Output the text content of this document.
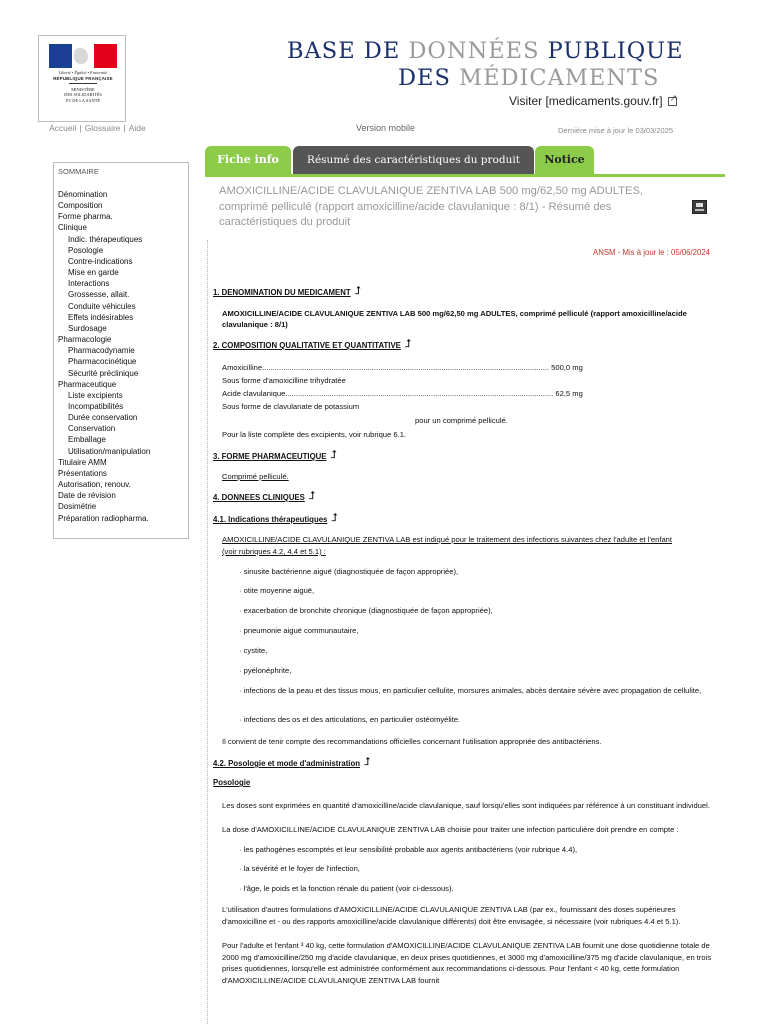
Liberté • Égalité • Fraternité
RÉPUBLIQUE FRANÇAISE
MINISTÈRE
DES SOLIDARITÉS
ET DE LA SANTÉ
BASE DE DONNÉES PUBLIQUE
DES MÉDICAMENTS
Visiter [medicaments.gouv.fr]↗
Accueil | Glossaire | Aide	Version mobile	Dernière mise à jour le 03/03/2025
Fiche info	Résumé des caractéristiques du produit	Notice
SOMMAIRE
Dénomination
Composition
Forme pharma.
Clinique
Indic. thérapeutiques
Posologie
Contre-indications
Mise en garde
Interactions
Grossesse, allait.
Conduite véhicules
Effets indésirables
Surdosage
Pharmacologie
Pharmacodynamie
Pharmacocinétique
Sécurité préclinique
Pharmaceutique
Liste excipients
Incompatibilités
Durée conservation
Conservation
Emballage
Utilisation/manipulation
Titulaire AMM
Présentations
Autorisation, renouv.
Date de révision
Dosimétrie
Préparation radiopharma.
AMOXICILLINE/ACIDE CLAVULANIQUE ZENTIVA LAB 500 mg/62,50 mg ADULTES, comprimé pelliculé (rapport amoxicilline/acide clavulanique : 8/1) - Résumé des caractéristiques du produit
ANSM - Mis à jour le : 05/06/2024
1. DENOMINATION DU MEDICAMENT ⮥
AMOXICILLINE/ACIDE CLAVULANIQUE ZENTIVA LAB 500 mg/62,50 mg ADULTES, comprimé pelliculé (rapport amoxicilline/acide clavulanique : 8/1)
2. COMPOSITION QUALITATIVE ET QUANTITATIVE ⮥
Amoxicilline........................................................................................................................................ 500,0 mg
Sous forme d'amoxicilline trihydratée
Acide clavulanique............................................................................................................................... 62,5 mg
Sous forme de clavulanate de potassium
pour un comprimé pelliculé.
Pour la liste complète des excipients, voir rubrique 6.1.
3. FORME PHARMACEUTIQUE ⮥
Comprimé pelliculé.
4. DONNEES CLINIQUES ⮥
4.1. Indications thérapeutiques ⮥
AMOXICILLINE/ACIDE CLAVULANIQUE ZENTIVA LAB est indiqué pour le traitement des infections suivantes chez l'adulte et l'enfant
(voir rubriques 4.2, 4.4 et 5.1) :
· sinusite bactérienne aiguë (diagnostiquée de façon appropriée),
· otite moyenne aiguë,
· exacerbation de bronchite chronique (diagnostiquée de façon appropriée),
· pneumonie aiguë communautaire,
· cystite,
· pyélonéphrite,
· infections de la peau et des tissus mous, en particulier cellulite, morsures animales, abcès dentaire sévère avec propagation de cellulite,
· infections des os et des articulations, en particulier ostéomyélite.
Il convient de tenir compte des recommandations officielles concernant l'utilisation appropriée des antibactériens.
4.2. Posologie et mode d'administration ⮥
Posologie
Les doses sont exprimées en quantité d'amoxicilline/acide clavulanique, sauf lorsqu'elles sont indiquées par référence à un constituant individuel.
La dose d'AMOXICILLINE/ACIDE CLAVULANIQUE ZENTIVA LAB choisie pour traiter une infection particulière doit prendre en compte :
· les pathogènes escomptés et leur sensibilité probable aux agents antibactériens (voir rubrique 4.4),
· la sévérité et le foyer de l'infection,
· l'âge, le poids et la fonction rénale du patient (voir ci-dessous).
L'utilisation d'autres formulations d'AMOXICILLINE/ACIDE CLAVULANIQUE ZENTIVA LAB (par ex., fournissant des doses supérieures d'amoxicilline et - ou des rapports amoxicilline/acide clavulanique différents) doit être envisagée, si nécessaire (voir rubriques 4.4 et 5.1).
Pour l'adulte et l'enfant ³ 40 kg, cette formulation d'AMOXICILLINE/ACIDE CLAVULANIQUE ZENTIVA LAB fournit une dose quotidienne totale de 2000 mg d'amoxicilline/250 mg d'acide clavulanique, en deux prises quotidiennes, et 3000 mg d'amoxicilline/375 mg d'acide clavulanique, en trois prises quotidiennes, lorsqu'elle est administrée conformément aux recommandations ci-dessous. Pour l'enfant < 40 kg, cette formulation d'AMOXICILLINE/ACIDE CLAVULANIQUE ZENTIVA LAB fournit
